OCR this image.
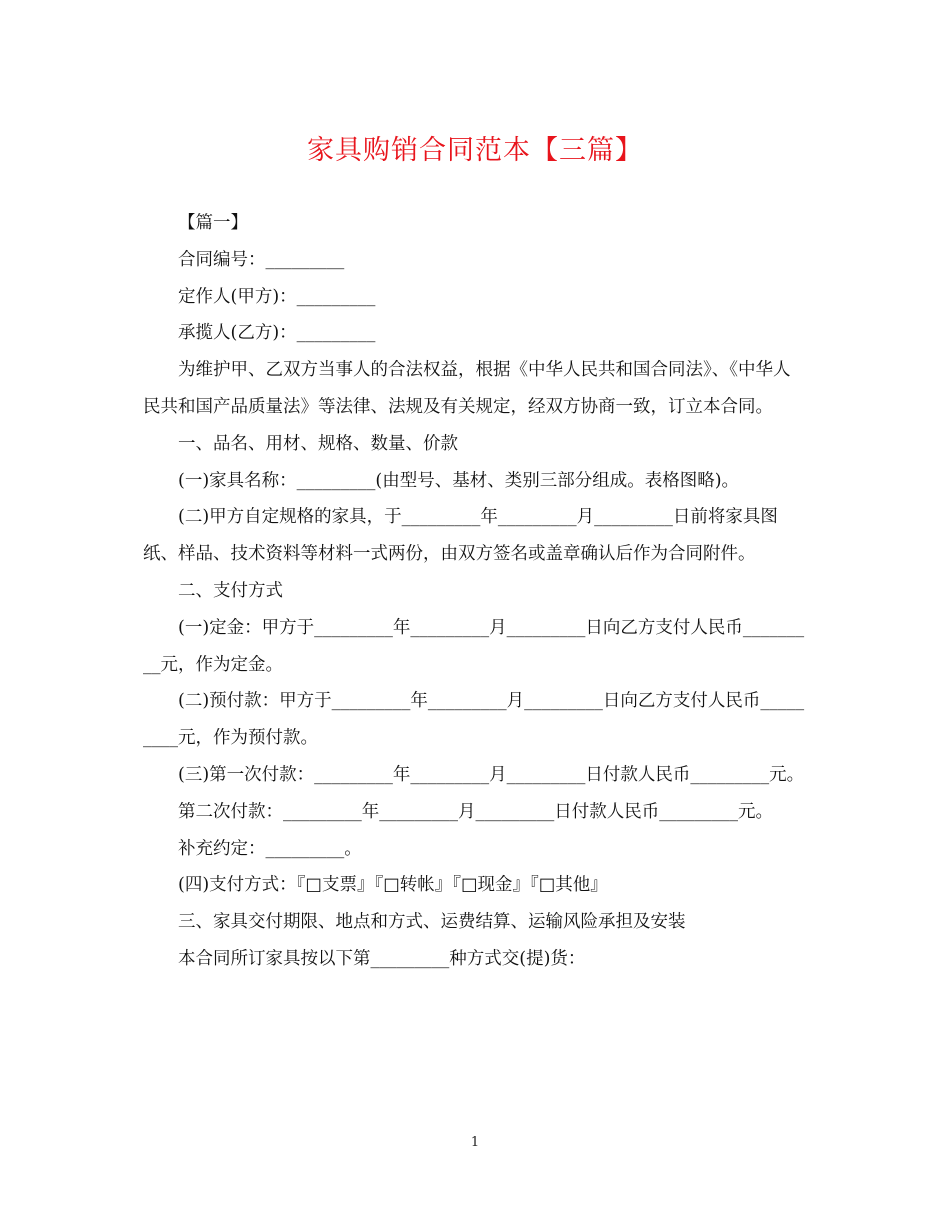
家具购销合同范本【三篇】

【篇一】

合同编号：_________

定作人(甲方)：_________

承揽人(乙方)：_________

为维护甲、乙双方当事人的合法权益，根据《中华人民共和国合同法》、《中华人民共和国产品质量法》等法律、法规及有关规定，经双方协商一致，订立本合同。

一、品名、用材、规格、数量、价款

(一)家具名称：_________(由型号、基材、类别三部分组成。表格图略)。

(二)甲方自定规格的家具，于_________年_________月_________日前将家具图纸、样品、技术资料等材料一式两份，由双方签名或盖章确认后作为合同附件。

二、支付方式

(一)定金：甲方于_________年_________月_________日向乙方支付人民币_________元，作为定金。

(二)预付款：甲方于_________年_________月_________日向乙方支付人民币_________元，作为预付款。

(三)第一次付款：_________年_________月_________日付款人民币_________元。

第二次付款：_________年_________月_________日付款人民币_________元。

补充约定：_________。

(四)支付方式：『□支票』『□转帐』『□现金』『□其他』

三、家具交付期限、地点和方式、运费结算、运输风险承担及安装

本合同所订家具按以下第_________种方式交(提)货：

1
